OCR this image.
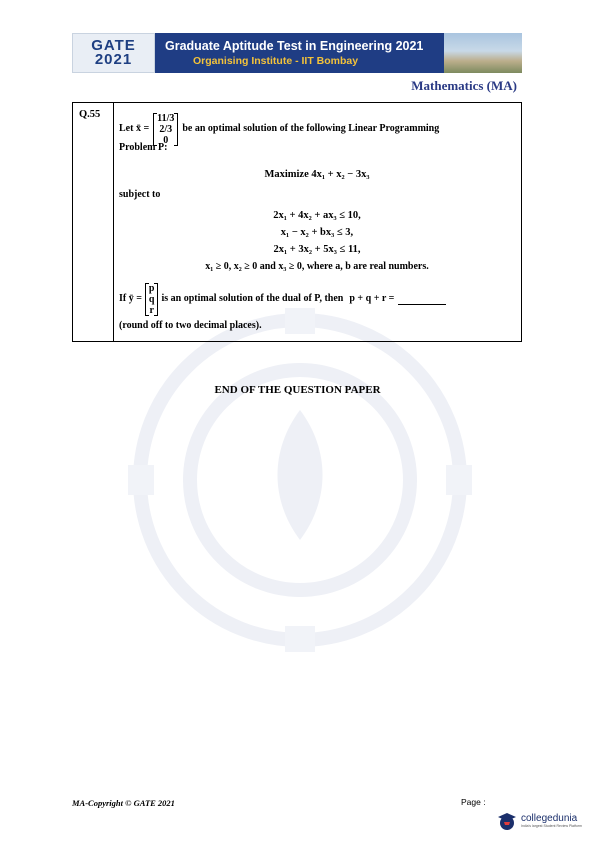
GATE
2021
Graduate Aptitude Test in Engineering 2021
Organising Institute - IIT Bombay
Mathematics (MA)
Q.55
Let x̄ =
11/3
2/3
0
be an optimal solution of the following Linear Programming
Problem P:
Maximize 4x₁ + x₂ − 3x₃
subject to
2x₁ + 4x₂ + ax₃ ≤ 10,
x₁ − x₂ + bx₃ ≤ 3,
2x₁ + 3x₂ + 5x₃ ≤ 11,
x₁ ≥ 0, x₂ ≥ 0 and x₃ ≥ 0, where a, b are real numbers.
If ȳ =
p
q
r
is an optimal solution of the dual of P, then p + q + r =
(round off to two decimal places).
END OF THE QUESTION PAPER
MA-Copyright © GATE 2021	Page :
collegedunia
India's largest Student Review Platform
